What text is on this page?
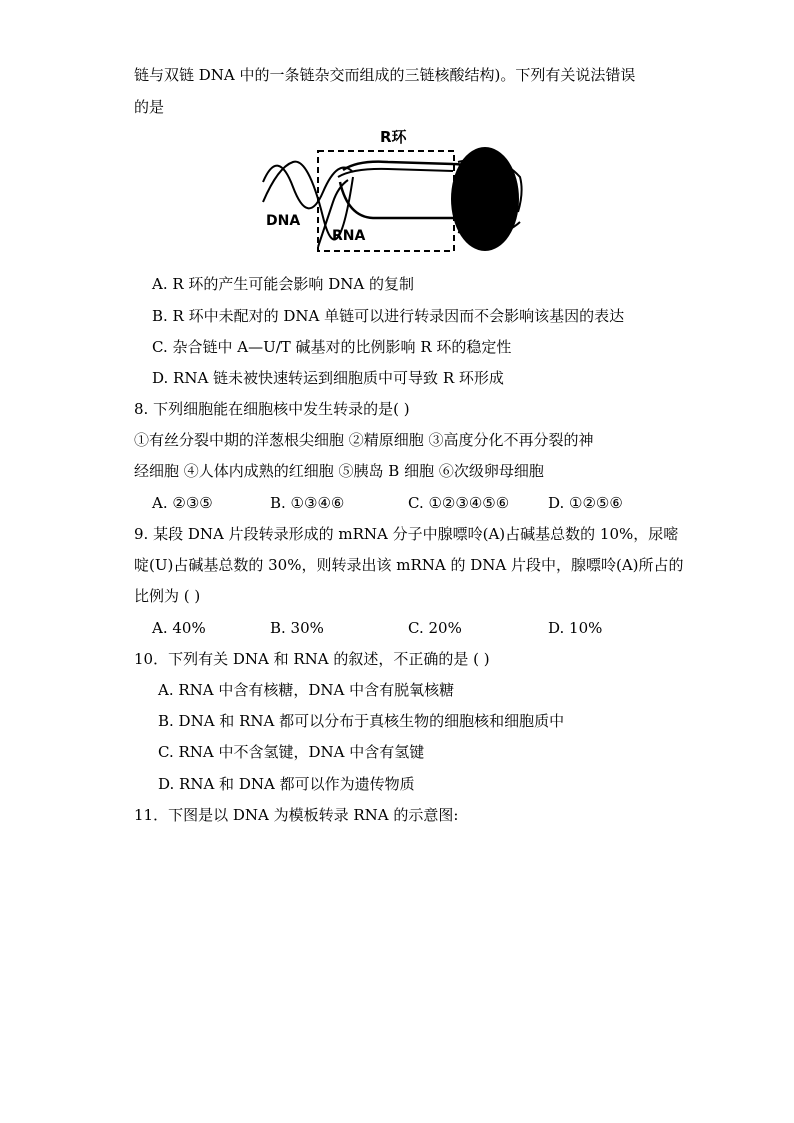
链与双链 DNA 中的一条链杂交而组成的三链核酸结构)。下列有关说法错误
的是
R环
DNA
RNA
A. R 环的产生可能会影响 DNA 的复制
B. R 环中未配对的 DNA 单链可以进行转录因而不会影响该基因的表达
C. 杂合链中 A—U/T 碱基对的比例影响 R 环的稳定性
D. RNA 链未被快速转运到细胞质中可导致 R 环形成
8. 下列细胞能在细胞核中发生转录的是( )
①有丝分裂中期的洋葱根尖细胞 ②精原细胞 ③高度分化不再分裂的神
经细胞 ④人体内成熟的红细胞 ⑤胰岛 B 细胞 ⑥次级卵母细胞
A. ②③⑤	B. ①③④⑥	C. ①②③④⑤⑥	D. ①②⑤⑥
9. 某段 DNA 片段转录形成的 mRNA 分子中腺嘌呤(A)占碱基总数的 10%，尿嘧
啶(U)占碱基总数的 30%，则转录出该 mRNA 的 DNA 片段中，腺嘌呤(A)所占的
比例为 ( )
A. 40%	B. 30%	C. 20%	D. 10%
10．下列有关 DNA 和 RNA 的叙述，不正确的是 ( )
A. RNA 中含有核糖，DNA 中含有脱氧核糖
B. DNA 和 RNA 都可以分布于真核生物的细胞核和细胞质中
C. RNA 中不含氢键，DNA 中含有氢键
D. RNA 和 DNA 都可以作为遗传物质
11．下图是以 DNA 为模板转录 RNA 的示意图:
